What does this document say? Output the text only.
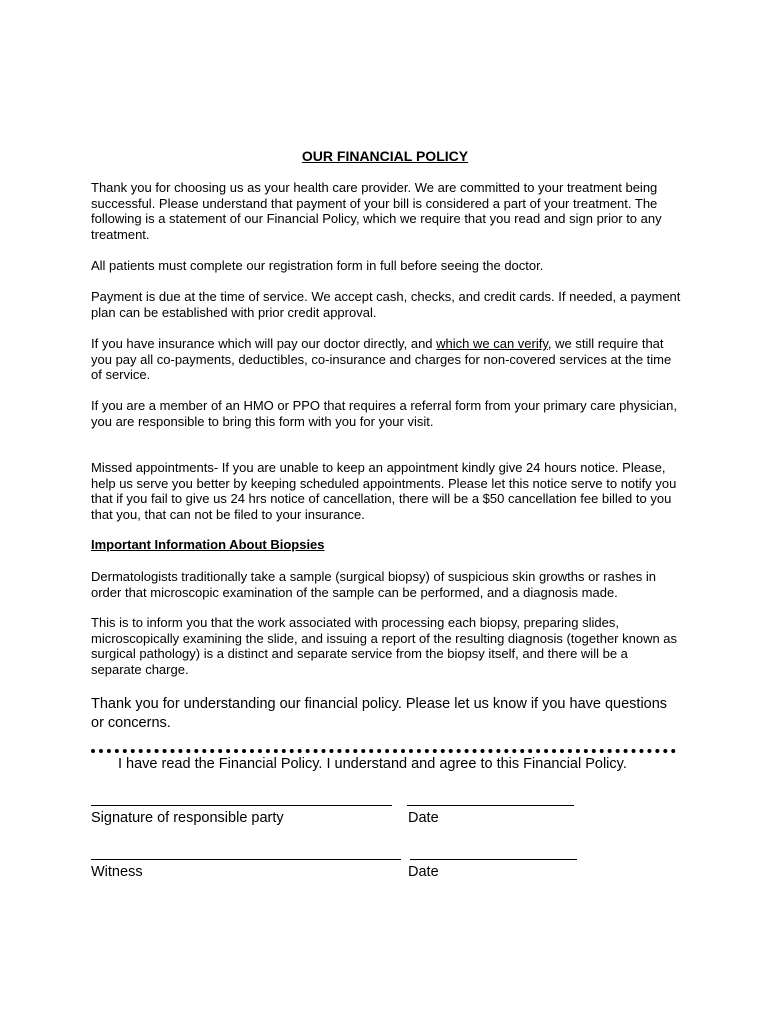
OUR FINANCIAL POLICY

Thank you for choosing us as your health care provider. We are committed to your treatment being successful. Please understand that payment of your bill is considered a part of your treatment. The following is a statement of our Financial Policy, which we require that you read and sign prior to any treatment.

All patients must complete our registration form in full before seeing the doctor.

Payment is due at the time of service. We accept cash, checks, and credit cards. If needed, a payment plan can be established with prior credit approval.

If you have insurance which will pay our doctor directly, and which we can verify, we still require that you pay all co-payments, deductibles, co-insurance and charges for non-covered services at the time of service.

If you are a member of an HMO or PPO that requires a referral form from your primary care physician, you are responsible to bring this form with you for your visit.

Missed appointments- If you are unable to keep an appointment kindly give 24 hours notice. Please, help us serve you better by keeping scheduled appointments. Please let this notice serve to notify you that if you fail to give us 24 hrs notice of cancellation, there will be a $50 cancellation fee billed to you that you, that can not be filed to your insurance.

Important Information About Biopsies

Dermatologists traditionally take a sample (surgical biopsy) of suspicious skin growths or rashes in order that microscopic examination of the sample can be performed, and a diagnosis made.

This is to inform you that the work associated with processing each biopsy, preparing slides, microscopically examining the slide, and issuing a report of the resulting diagnosis (together known as surgical pathology) is a distinct and separate service from the biopsy itself, and there will be a separate charge.

Thank you for understanding our financial policy. Please let us know if you have questions or concerns.
I have read the Financial Policy. I understand and agree to this Financial Policy.
Signature of responsible party	Date
Witness	Date
